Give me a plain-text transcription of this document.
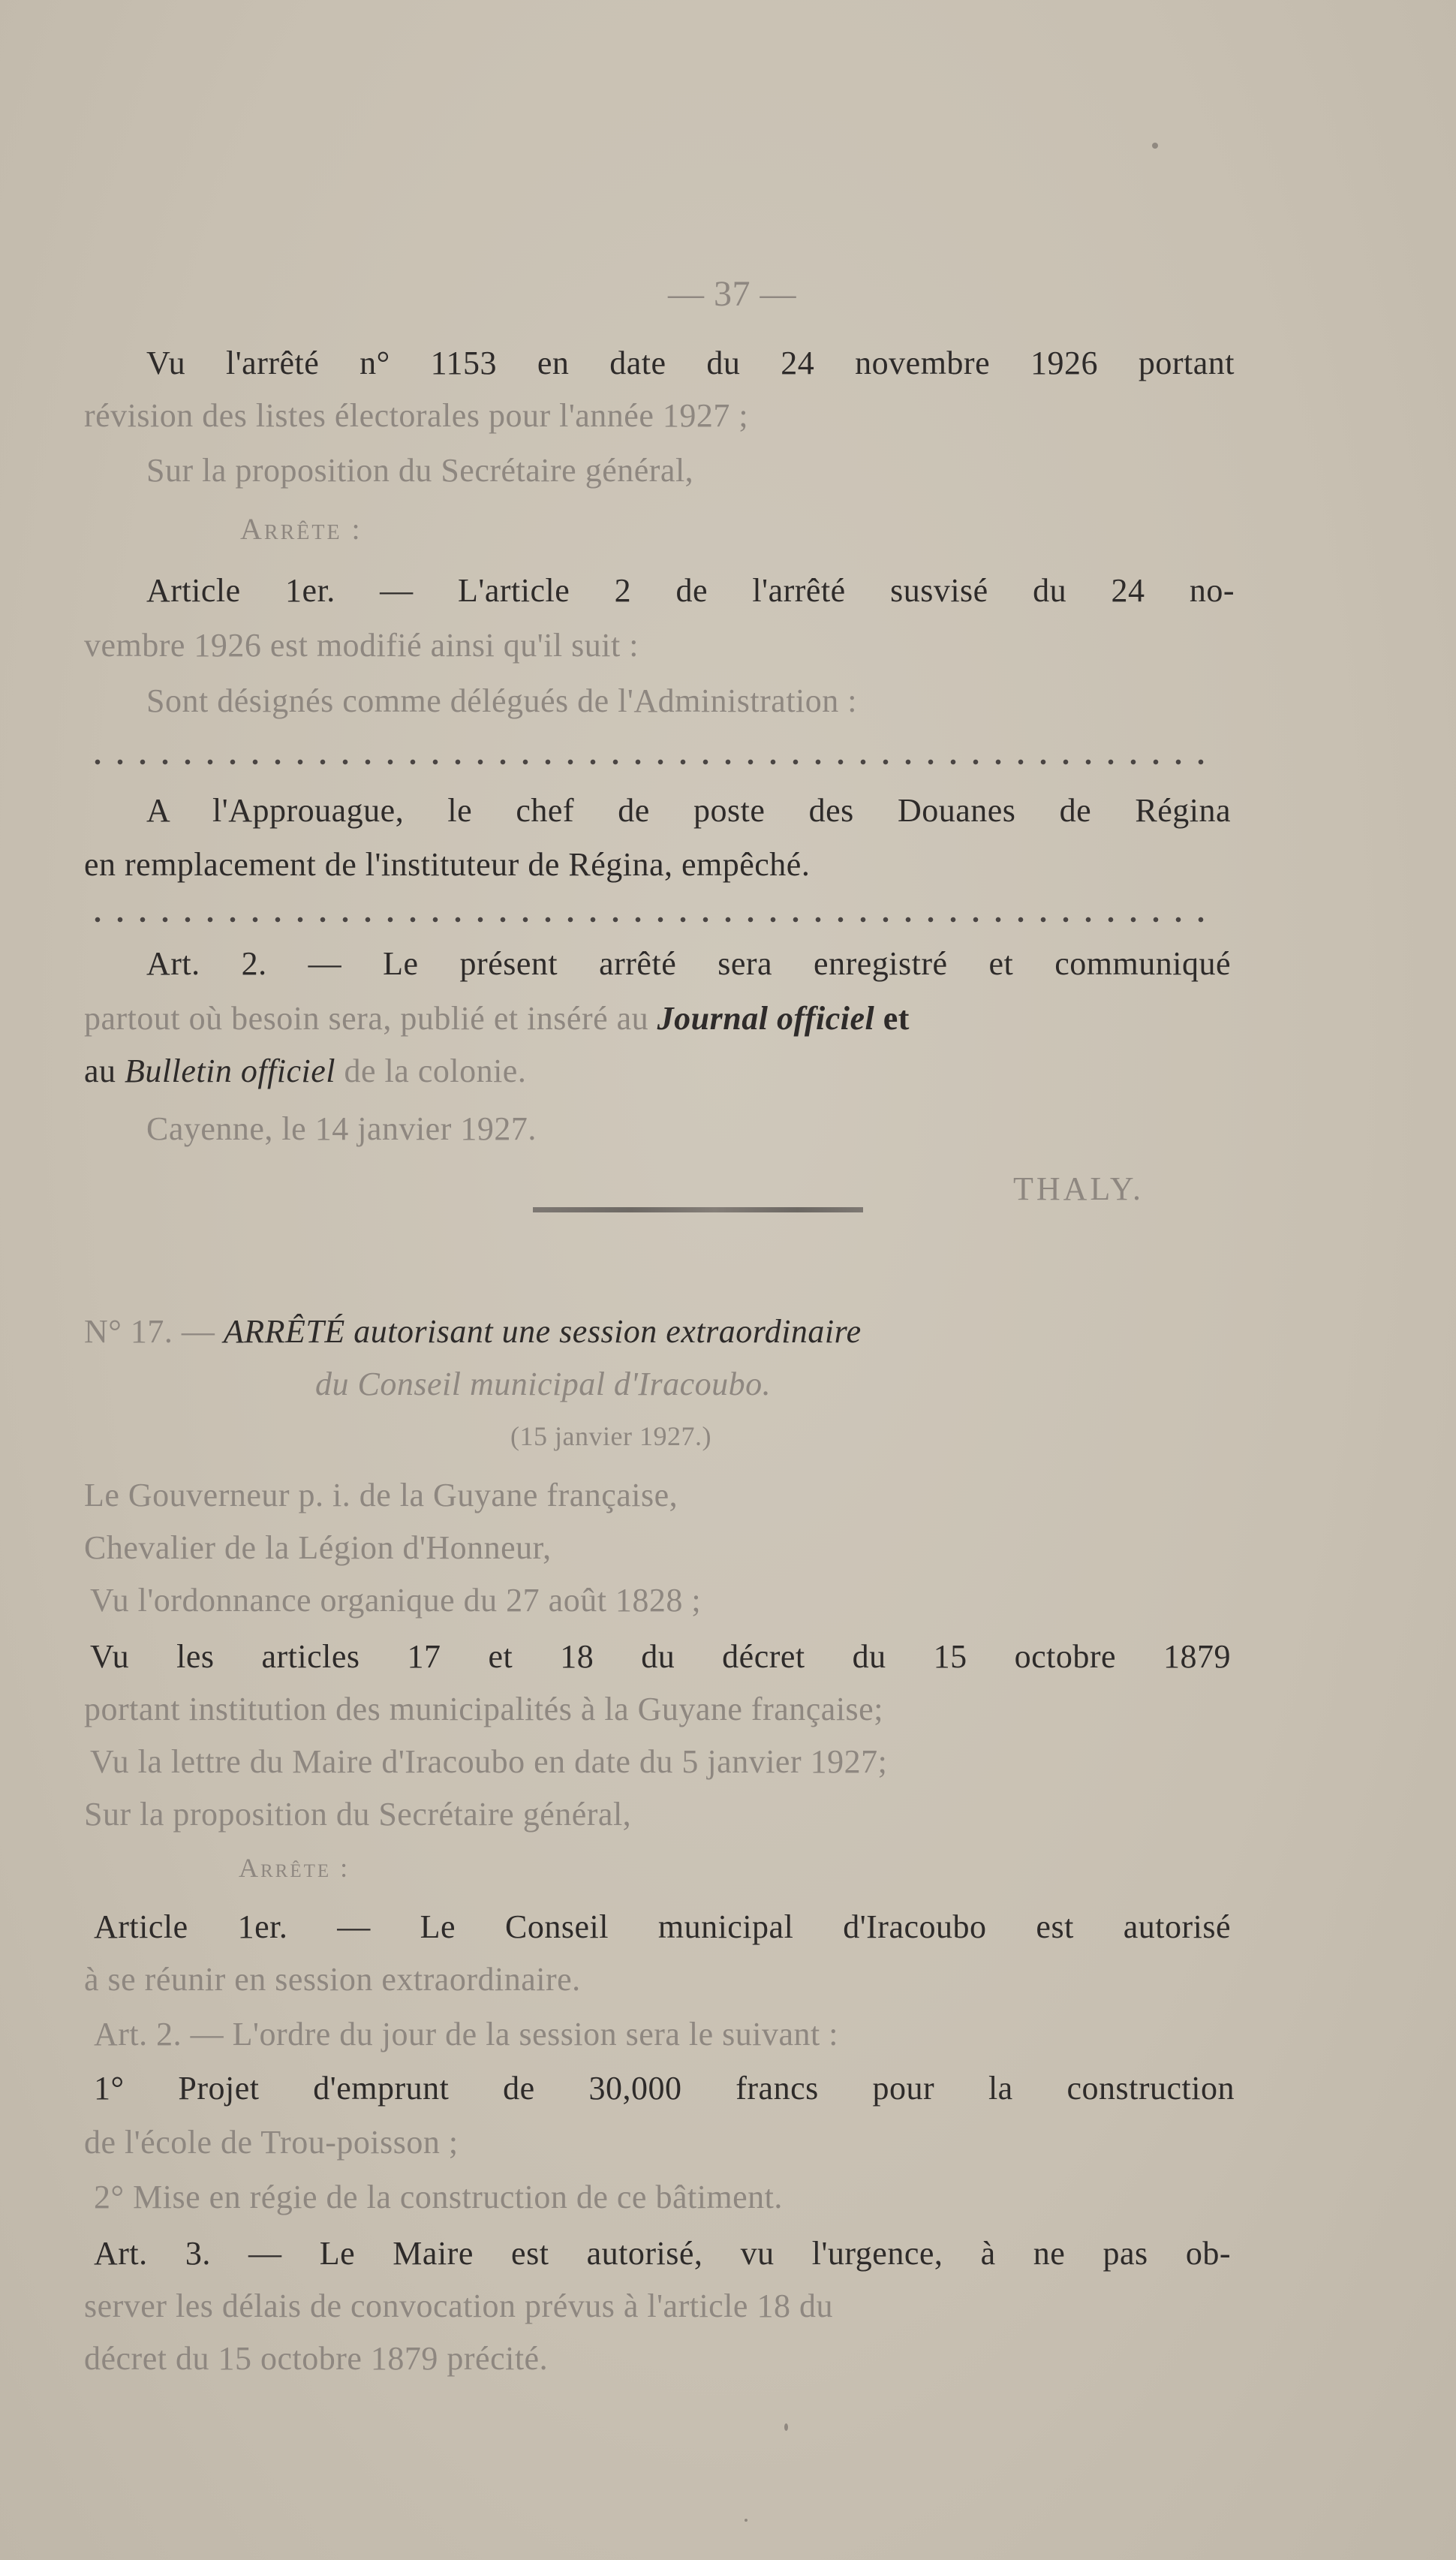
— 37 —
Vu l'arrêté n° 1153 en date du 24 novembre 1926 portant
révision des listes électorales pour l'année 1927 ;
Sur la proposition du Secrétaire général,
Arrête :
Article 1er. — L'article 2 de l'arrêté susvisé du 24 no-
vembre 1926 est modifié ainsi qu'il suit :
Sont désignés comme délégués de l'Administration :
A l'Approuague, le chef de poste des Douanes de Régina
en remplacement de l'instituteur de Régina, empêché.
Art. 2. — Le présent arrêté sera enregistré et communiqué
partout où besoin sera, publié et inséré au Journal officiel et
au Bulletin officiel de la colonie.
Cayenne, le 14 janvier 1927.
THALY.
N° 17. — ARRÊTÉ autorisant une session extraordinaire
du Conseil municipal d'Iracoubo.
(15 janvier 1927.)
Le Gouverneur p. i. de la Guyane française,
Chevalier de la Légion d'Honneur,
Vu l'ordonnance organique du 27 août 1828 ;
Vu les articles 17 et 18 du décret du 15 octobre 1879
portant institution des municipalités à la Guyane française;
Vu la lettre du Maire d'Iracoubo en date du 5 janvier 1927;
Sur la proposition du Secrétaire général,
Arrête :
Article 1er. — Le Conseil municipal d'Iracoubo est autorisé
à se réunir en session extraordinaire.
Art. 2. — L'ordre du jour de la session sera le suivant :
1° Projet d'emprunt de 30,000 francs pour la construction
de l'école de Trou-poisson ;
2° Mise en régie de la construction de ce bâtiment.
Art. 3. — Le Maire est autorisé, vu l'urgence, à ne pas ob-
server les délais de convocation prévus à l'article 18 du
décret du 15 octobre 1879 précité.
